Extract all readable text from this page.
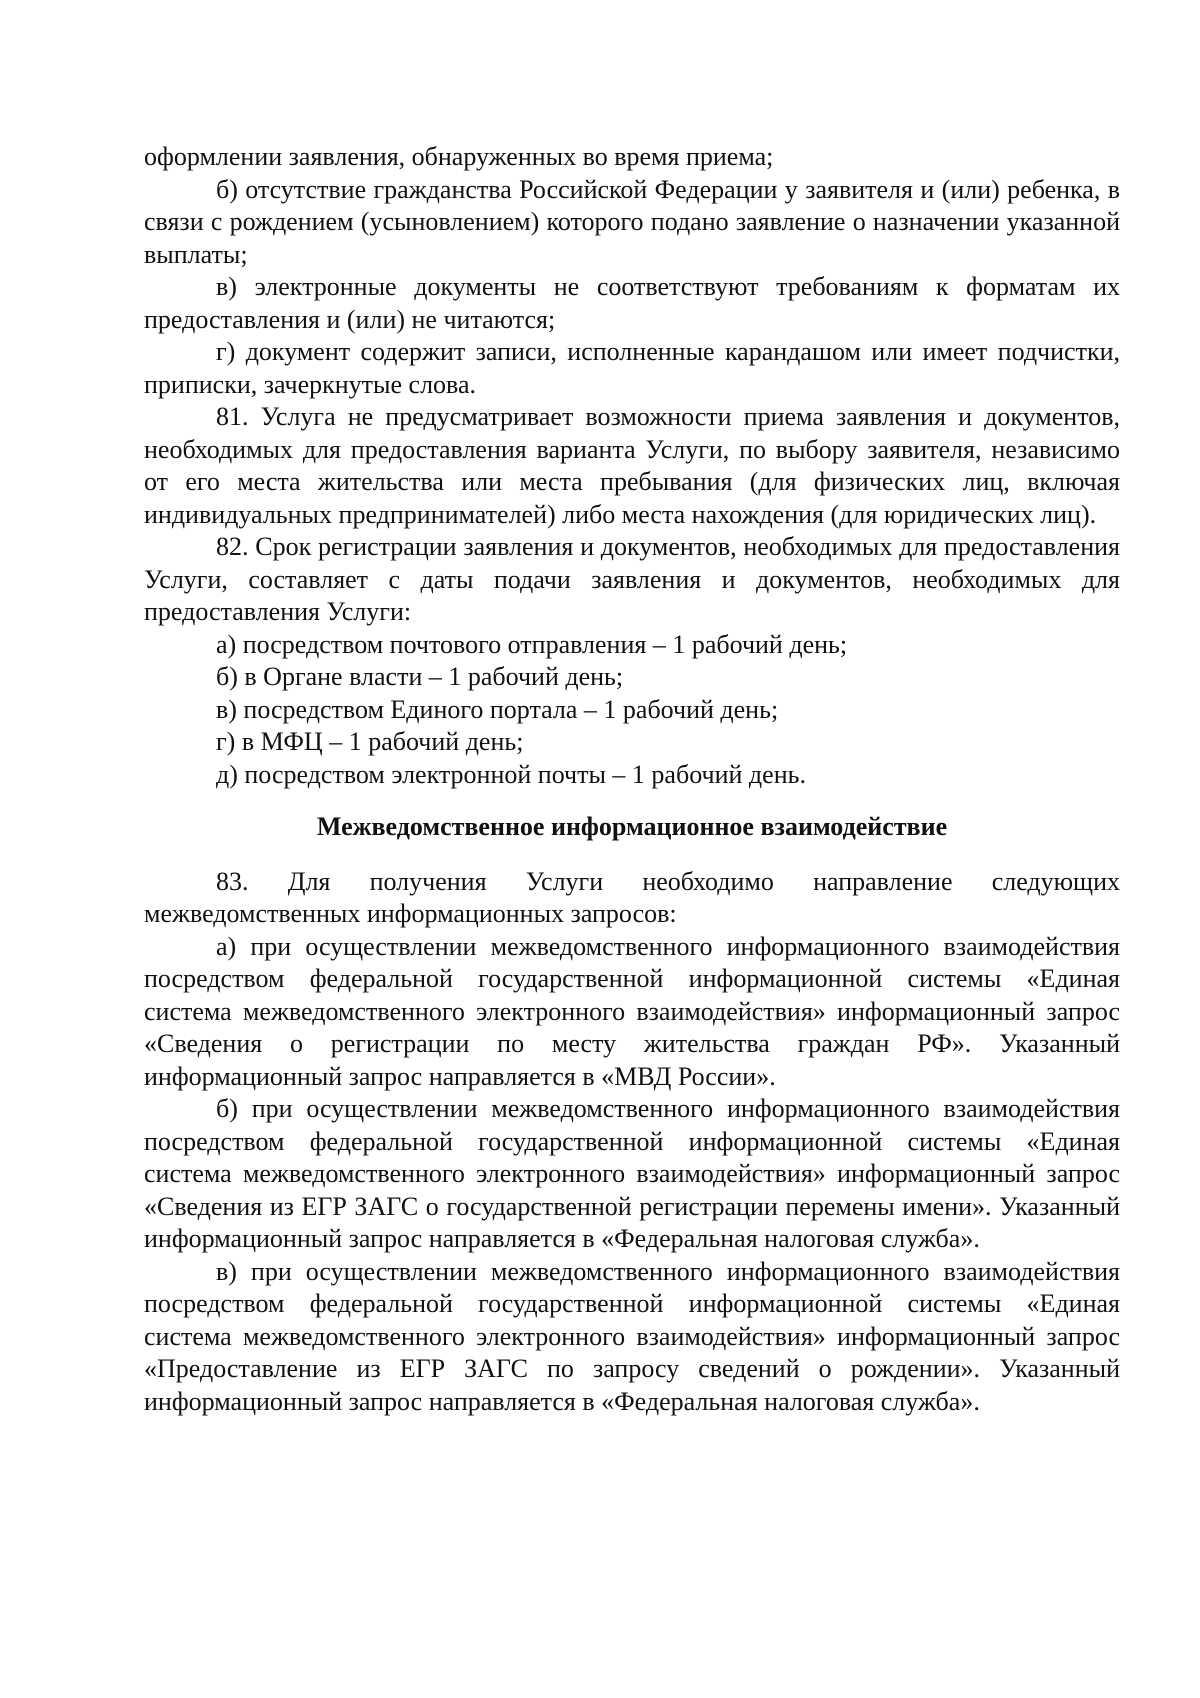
оформлении заявления, обнаруженных во время приема;

б) отсутствие гражданства Российской Федерации у заявителя и (или) ребенка, в связи с рождением (усыновлением) которого подано заявление о назначении указанной выплаты;

в) электронные документы не соответствуют требованиям к форматам их предоставления и (или) не читаются;

г) документ содержит записи, исполненные карандашом или имеет подчистки, приписки, зачеркнутые слова.

81. Услуга не предусматривает возможности приема заявления и документов, необходимых для предоставления варианта Услуги, по выбору заявителя, независимо от его места жительства или места пребывания (для физических лиц, включая индивидуальных предпринимателей) либо места нахождения (для юридических лиц).

82. Срок регистрации заявления и документов, необходимых для предоставления Услуги, составляет с даты подачи заявления и документов, необходимых для предоставления Услуги:

а) посредством почтового отправления – 1 рабочий день;

б) в Органе власти – 1 рабочий день;

в) посредством Единого портала – 1 рабочий день;

г) в МФЦ – 1 рабочий день;

д) посредством электронной почты – 1 рабочий день.

Межведомственное информационное взаимодействие

83. Для получения Услуги необходимо направление следующих межведомственных информационных запросов:

а) при осуществлении межведомственного информационного взаимодействия посредством федеральной государственной информационной системы «Единая система межведомственного электронного взаимодействия» информационный запрос «Сведения о регистрации по месту жительства граждан РФ». Указанный информационный запрос направляется в «МВД России».

б) при осуществлении межведомственного информационного взаимодействия посредством федеральной государственной информационной системы «Единая система межведомственного электронного взаимодействия» информационный запрос «Сведения из ЕГР ЗАГС о государственной регистрации перемены имени». Указанный информационный запрос направляется в «Федеральная налоговая служба».

в) при осуществлении межведомственного информационного взаимодействия посредством федеральной государственной информационной системы «Единая система межведомственного электронного взаимодействия» информационный запрос «Предоставление из ЕГР ЗАГС по запросу сведений о рождении». Указанный информационный запрос направляется в «Федеральная налоговая служба».
